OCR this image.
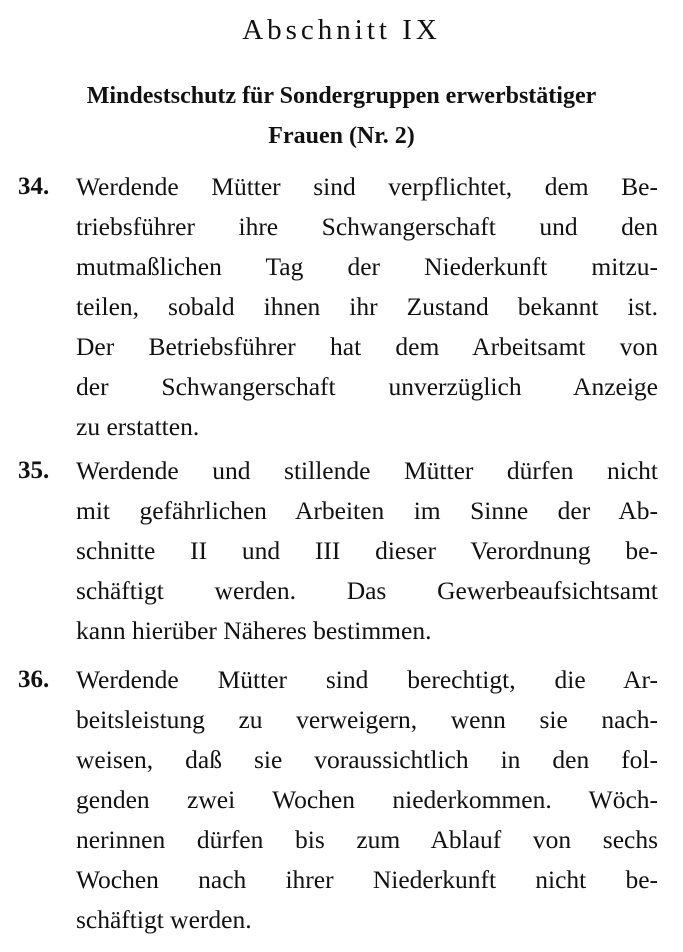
Abschnitt IX
Mindestschutz für Sondergruppen erwerbstätiger
Frauen (Nr. 2)
34. Werdende Mütter sind verpflichtet, dem Be-
triebsführer ihre Schwangerschaft und den
mutmaßlichen Tag der Niederkunft mitzu-
teilen, sobald ihnen ihr Zustand bekannt ist.
Der Betriebsführer hat dem Arbeitsamt von
der Schwangerschaft unverzüglich Anzeige
zu erstatten.
35. Werdende und stillende Mütter dürfen nicht
mit gefährlichen Arbeiten im Sinne der Ab-
schnitte II und III dieser Verordnung be-
schäftigt werden. Das Gewerbeaufsichtsamt
kann hierüber Näheres bestimmen.
36. Werdende Mütter sind berechtigt, die Ar-
beitsleistung zu verweigern, wenn sie nach-
weisen, daß sie voraussichtlich in den fol-
genden zwei Wochen niederkommen. Wöch-
nerinnen dürfen bis zum Ablauf von sechs
Wochen nach ihrer Niederkunft nicht be-
schäftigt werden.
